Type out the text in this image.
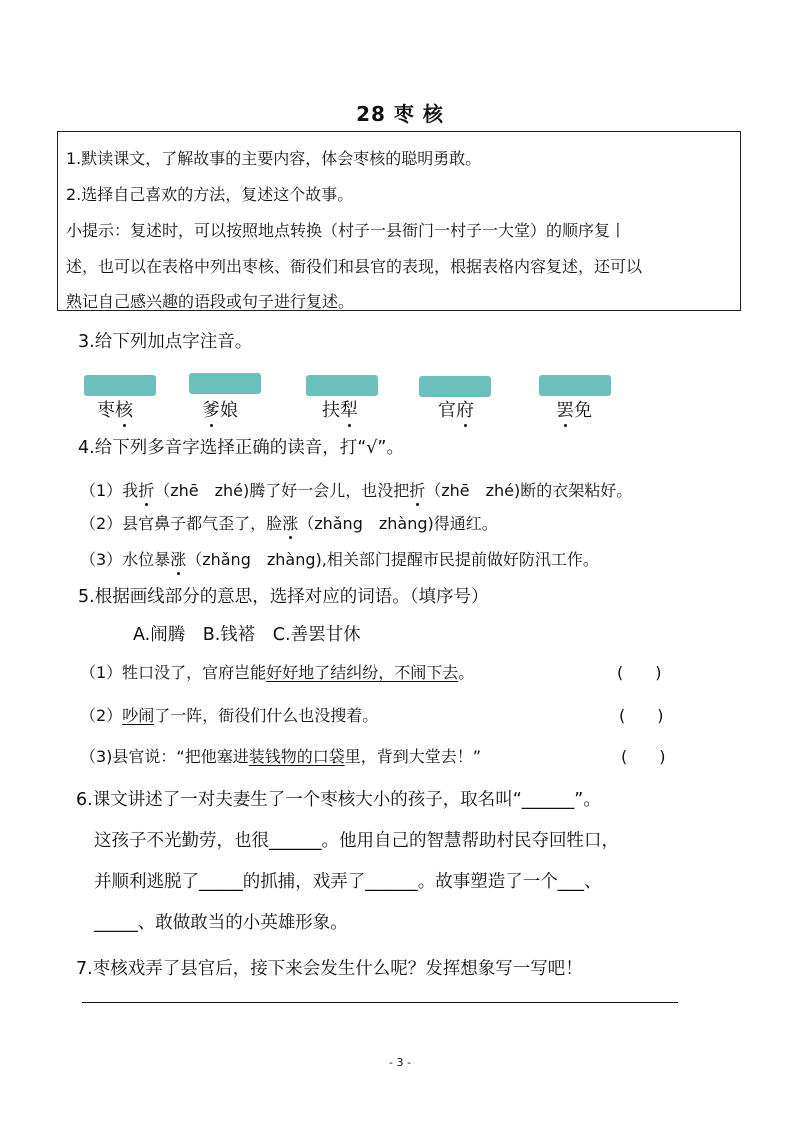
28 枣 核
1.默读课文，了解故事的主要内容，体会枣核的聪明勇敢。
2.选择自己喜欢的方法，复述这个故事。
小提示：复述时，可以按照地点转换（村子一县衙门一村子一大堂）的顺序复丨
述，也可以在表格中列出枣核、衙役们和县官的表现，根据表格内容复述，还可以
熟记自己感兴趣的语段或句子进行复述。
3.给下列加点字注音。
枣核	爹娘	扶犁	官府	罢免
4.给下列多音字选择正确的读音，打“√”。
（1）我折（zhē　zhé)腾了好一会儿，也没把折（zhē　zhé)断的衣架粘好。
（2）县官鼻子都气歪了，脸涨（zhǎng　zhàng)得通红。
（3）水位暴涨（zhǎng　zhàng),相关部门提醒市民提前做好防汛工作。
5.根据画线部分的意思，选择对应的词语。（填序号）
A.闹腾　B.钱褡　C.善罢甘休
（1）牲口没了，官府岂能好好地了结纠纷，不闹下去。	(　　)
（2）吵闹了一阵，衙役们什么也没搜着。	(　　)
（3)县官说：“把他塞进装钱物的口袋里，背到大堂去！”	(　　)
6.课文讲述了一对夫妻生了一个枣核大小的孩子，取名叫“______”。
这孩子不光勤劳，也很______。他用自己的智慧帮助村民夺回牲口，
并顺利逃脱了_____的抓捕，戏弄了______。故事塑造了一个___、
_____、敢做敢当的小英雄形象。
7.枣核戏弄了县官后，接下来会发生什么呢？发挥想象写一写吧！
- 3 -
